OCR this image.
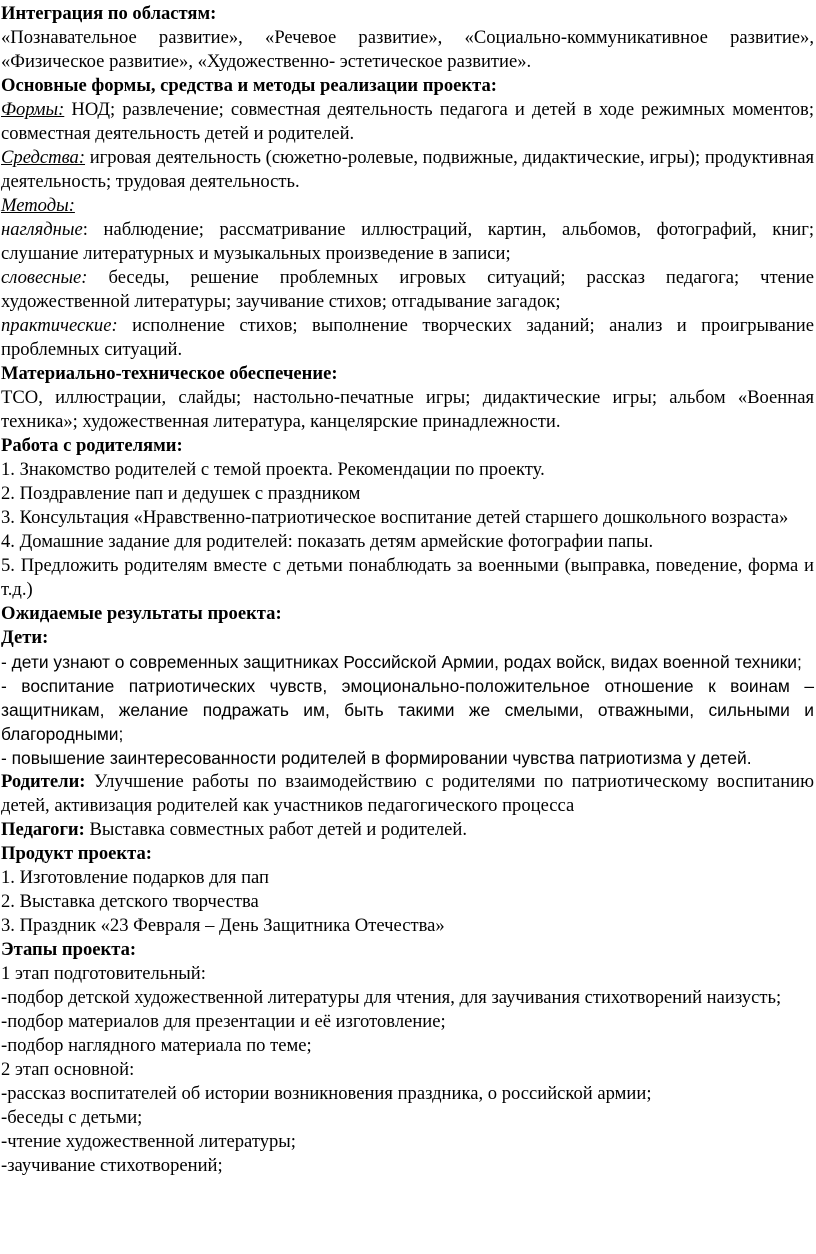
Интеграция по областям:
«Познавательное развитие», «Речевое развитие», «Социально-коммуникативное развитие», «Физическое развитие», «Художественно- эстетическое развитие».
Основные формы, средства и методы реализации проекта:
Формы: НОД; развлечение; совместная деятельность педагога и детей в ходе режимных моментов; совместная деятельность детей и родителей.
Средства: игровая деятельность (сюжетно-ролевые, подвижные, дидактические, игры); продуктивная деятельность; трудовая деятельность.
Методы:
наглядные: наблюдение; рассматривание иллюстраций, картин, альбомов, фотографий, книг; слушание литературных и музыкальных произведение в записи;
словесные: беседы, решение проблемных игровых ситуаций; рассказ педагога; чтение художественной литературы; заучивание стихов; отгадывание загадок;
практические: исполнение стихов; выполнение творческих заданий; анализ и проигрывание проблемных ситуаций.
Материально-техническое обеспечение:
ТСО, иллюстрации, слайды; настольно-печатные игры; дидактические игры; альбом «Военная техника»; художественная литература, канцелярские принадлежности.
Работа с родителями:
1. Знакомство родителей с темой проекта. Рекомендации по проекту.
2. Поздравление пап и дедушек с праздником
3. Консультация «Нравственно-патриотическое воспитание детей старшего дошкольного возраста»
4. Домашние задание для родителей: показать детям армейские фотографии папы.
5. Предложить родителям вместе с детьми понаблюдать за военными (выправка, поведение, форма и т.д.)
Ожидаемые результаты проекта:
Дети:
- дети узнают о современных защитниках Российской Армии, родах войск, видах военной техники;
- воспитание патриотических чувств, эмоционально-положительное отношение к воинам – защитникам, желание подражать им, быть такими же смелыми, отважными, сильными и благородными;
- повышение заинтересованности родителей в формировании чувства патриотизма у детей.
Родители: Улучшение работы по взаимодействию с родителями по патриотическому воспитанию детей, активизация родителей как участников педагогического процесса
Педагоги: Выставка совместных работ детей и родителей.
Продукт проекта:
1. Изготовление подарков для пап
2. Выставка детского творчества
3. Праздник «23 Февраля – День Защитника Отечества»
Этапы проекта:
1 этап подготовительный:
-подбор детской художественной литературы для чтения, для заучивания стихотворений наизусть;
-подбор материалов для презентации и её изготовление;
-подбор наглядного материала по теме;
2 этап основной:
-рассказ воспитателей об истории возникновения праздника, о российской армии;
-беседы с детьми;
-чтение художественной литературы;
-заучивание стихотворений;
